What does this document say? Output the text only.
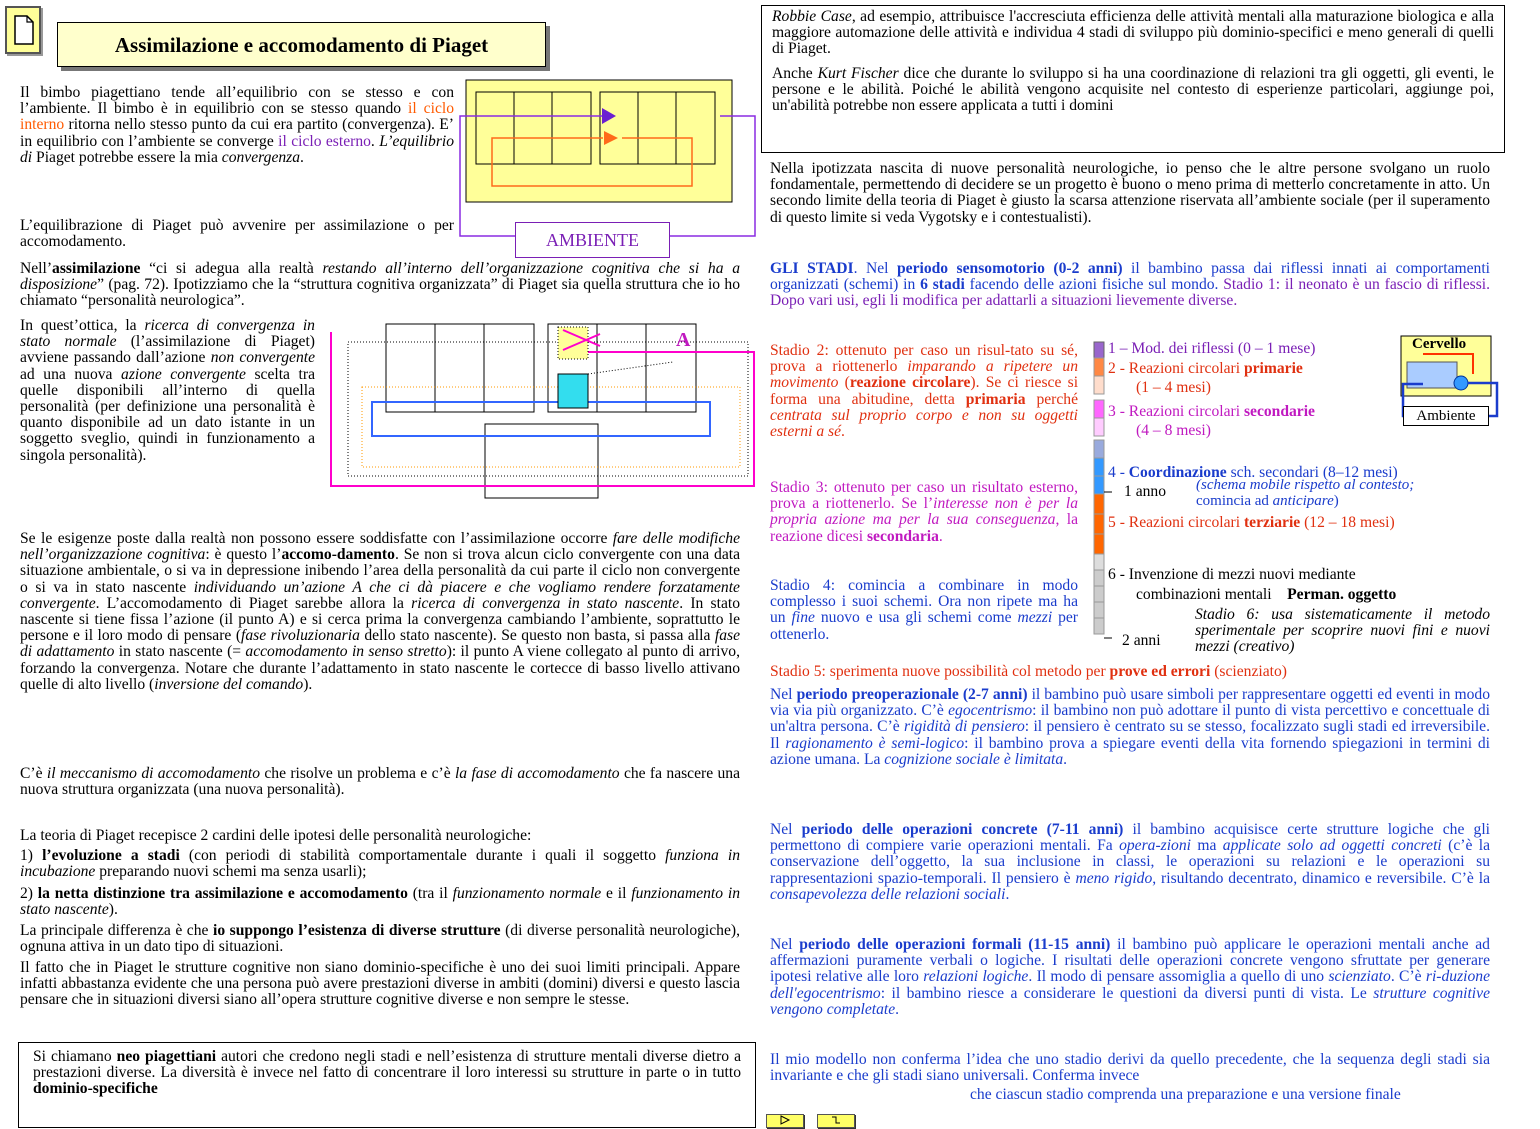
Assimilazione e accomodamento di Piaget
AMBIENTE
A
Il bimbo piagettiano tende all’equilibrio con se stesso e con l’ambiente. Il bimbo è in equilibrio con se stesso quando il ciclo interno ritorna nello stesso punto da cui era partito (convergenza). E’ in equilibrio con l’ambiente se converge il ciclo esterno. L’equilibrio di Piaget potrebbe essere la mia convergenza.
L’equilibrazione di Piaget può avvenire per assimilazione o per accomodamento.
Nell’assimilazione “ci si adegua alla realtà restando all’interno dell’organizzazione cognitiva che si ha a disposizione” (pag. 72). Ipotizziamo che la “struttura cognitiva organizzata” di Piaget sia quella struttura che io ho chiamato “personalità neurologica”.
In quest’ottica, la ricerca di convergenza in stato normale (l’assimilazione di Piaget) avviene passando dall’azione non convergente ad una nuova azione convergente scelta tra quelle disponibili all’interno di quella personalità (per definizione una personalità è quanto disponibile ad un dato istante in un soggetto sveglio, quindi in funzionamento a singola personalità).
Se le esigenze poste dalla realtà non possono essere soddisfatte con l’assimilazione occorre fare delle modifiche nell’organizzazione cognitiva: è questo l’accomo-damento. Se non si trova alcun ciclo convergente con una data situazione ambientale, o si va in depressione inibendo l’area della personalità da cui parte il ciclo non convergente o si va in stato nascente individuando un’azione A che ci dà piacere e che vogliamo rendere forzatamente convergente. L’accomodamento di Piaget sarebbe allora la ricerca di convergenza in stato nascente. In stato nascente si tiene fissa l’azione (il punto A) e si cerca prima la convergenza cambiando l’ambiente, soprattutto le persone e il loro modo di pensare (fase rivoluzionaria dello stato nascente). Se questo non basta, si passa alla fase di adattamento in stato nascente (= accomodamento in senso stretto): il punto A viene collegato al punto di arrivo, forzando la convergenza. Notare che durante l’adattamento in stato nascente le cortecce di basso livello attivano quelle di alto livello (inversione del comando).
C’è il meccanismo di accomodamento che risolve un problema e c’è la fase di accomodamento che fa nascere una nuova struttura organizzata (una nuova personalità).
La teoria di Piaget recepisce 2 cardini delle ipotesi delle personalità neurologiche:
1) l’evoluzione a stadi (con periodi di stabilità comportamentale durante i quali il soggetto funziona in incubazione preparando nuovi schemi ma senza usarli);
2) la netta distinzione tra assimilazione e accomodamento (tra il funzionamento normale e il funzionamento in stato nascente).
La principale differenza è che io suppongo l’esistenza di diverse strutture (di diverse personalità neurologiche), ognuna attiva in un dato tipo di situazioni.
Il fatto che in Piaget le strutture cognitive non siano dominio-specifiche è uno dei suoi limiti principali. Appare infatti abbastanza evidente che una persona può avere prestazioni diverse in ambiti (domini) diversi e questo lascia pensare che in situazioni diversi siano all’opera strutture cognitive diverse e non sempre le stesse.
Si chiamano neo piagettiani autori che credono negli stadi e nell’esistenza di strutture mentali diverse dietro a prestazioni diverse. La diversità è invece nel fatto di concentrare il loro interessi su strutture in parte o in tutto dominio-specifiche

Robbie Case, ad esempio, attribuisce l'accresciuta efficienza delle attività mentali alla maturazione biologica e alla maggiore automazione delle attività e individua 4 stadi di sviluppo più dominio-specifici e meno generali di quelli di Piaget.

Anche Kurt Fischer dice che durante lo sviluppo si ha una coordinazione di relazioni tra gli oggetti, gli eventi, le persone e le abilità. Poiché le abilità vengono acquisite nel contesto di esperienze particolari, aggiunge poi, un'abilità potrebbe non essere applicata a tutti i domini

Nella ipotizzata nascita di nuove personalità neurologiche, io penso che le altre persone svolgano un ruolo fondamentale, permettendo di decidere se un progetto è buono o meno prima di metterlo concretamente in atto. Un secondo limite della teoria di Piaget è giusto la scarsa attenzione riservata all’ambiente sociale (per il superamento di questo limite si veda Vygotsky e i contestualisti).
GLI STADI. Nel periodo sensomotorio (0-2 anni) il bambino passa dai riflessi innati ai comportamenti organizzati (schemi) in 6 stadi facendo delle azioni fisiche sul mondo. Stadio 1: il neonato è un fascio di riflessi. Dopo vari usi, egli li modifica per adattarli a situazioni lievemente diverse.
Stadio 2: ottenuto per caso un risul-tato su sé, prova a riottenerlo imparando a ripetere un movimento (reazione circolare). Se ci riesce si forma una abitudine, detta primaria perché centrata sul proprio corpo e non su oggetti esterni a sé.
Stadio 3: ottenuto per caso un risultato esterno, prova a riottenerlo. Se l’interesse non è per la propria azione ma per la sua conseguenza, la reazione dicesi secondaria.
Stadio 4: comincia a combinare in modo complesso i suoi schemi. Ora non ripete ma ha un fine nuovo e usa gli schemi come mezzi per ottenerlo.
1 – Mod. dei riflessi (0 – 1 mese)
2 - Reazioni circolari primarie
(1 – 4 mesi)
3 - Reazioni circolari secondarie
(4 – 8 mesi)
4 - Coordinazione sch. secondari (8–12 mesi)
1 anno (schema mobile rispetto al contesto;
comincia ad anticipare)
5 - Reazioni circolari terziarie (12 – 18 mesi)
6 - Invenzione di mezzi nuovi mediante
combinazioni mentali Perman. oggetto
Stadio 6: usa sistematicamente il metodo sperimentale per scoprire nuovi fini e nuovi mezzi (creativo)
2 anni
Cervello
Ambiente
Stadio 5: sperimenta nuove possibilità col metodo per prove ed errori (scienziato)
Nel periodo preoperazionale (2-7 anni) il bambino può usare simboli per rappresentare oggetti ed eventi in modo via via più organizzato. C’è egocentrismo: il bambino non può adottare il punto di vista percettivo e concettuale di un'altra persona. C’è rigidità di pensiero: il pensiero è centrato su se stesso, focalizzato sugli stadi ed irreversibile. Il ragionamento è semi-logico: il bambino prova a spiegare eventi della vita fornendo spiegazioni in termini di azione umana. La cognizione sociale è limitata.
Nel periodo delle operazioni concrete (7-11 anni) il bambino acquisisce certe strutture logiche che gli permettono di compiere varie operazioni mentali. Fa opera-zioni ma applicate solo ad oggetti concreti (c’è la conservazione dell’oggetto, la sua inclusione in classi, le operazioni su relazioni e le operazioni su rappresentazioni spazio-temporali. Il pensiero è meno rigido, risultando decentrato, dinamico e reversibile. C’è la consapevolezza delle relazioni sociali.
Nel periodo delle operazioni formali (11-15 anni) il bambino può applicare le operazioni mentali anche ad affermazioni puramente verbali o logiche. I risultati delle operazioni concrete vengono sfruttate per generare ipotesi relative alle loro relazioni logiche. Il modo di pensare assomiglia a quello di uno scienziato. C’è ri-duzione dell'egocentrismo: il bambino riesce a considerare le questioni da diversi punti di vista. Le strutture cognitive vengono completate.
Il mio modello non conferma l’idea che uno stadio derivi da quello precedente, che la sequenza degli stadi sia invariante e che gli stadi siano universali. Conferma invece
che ciascun stadio comprenda una preparazione e una versione finale
